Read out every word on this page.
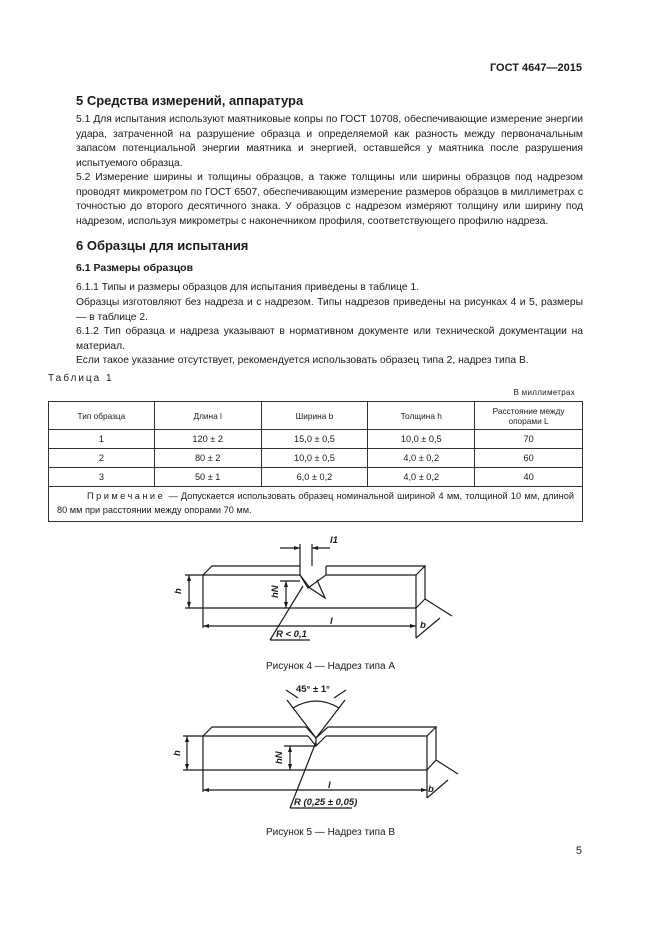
ГОСТ 4647—2015
5 Средства измерений, аппаратура
5.1 Для испытания используют маятниковые копры по ГОСТ 10708, обеспечивающие измерение энергии удара, затраченной на разрушение образца и определяемой как разность между первоначальным запасом потенциальной энергии маятника и энергией, оставшейся у маятника после разрушения испытуемого образца.
5.2 Измерение ширины и толщины образцов, а также толщины или ширины образцов под надрезом проводят микрометром по ГОСТ 6507, обеспечивающим измерение размеров образцов в миллиметрах с точностью до второго десятичного знака. У образцов с надрезом измеряют толщину или ширину под надрезом, используя микрометры с наконечником профиля, соответствующего профилю надреза.
6 Образцы для испытания
6.1 Размеры образцов
6.1.1 Типы и размеры образцов для испытания приведены в таблице 1.
Образцы изготовляют без надреза и с надрезом. Типы надрезов приведены на рисунках 4 и 5, размеры — в таблице 2.
6.1.2 Тип образца и надреза указывают в нормативном документе или технической документации на материал.
Если такое указание отсутствует, рекомендуется использовать образец типа 2, надрез типа B.
Таблица 1
В миллиметрах
Тип образца	Длина l	Ширина b	Толщина h	Расстояние между опорами L
1	120 ± 2	15,0 ± 0,5	10,0 ± 0,5	70
2	80 ± 2	10,0 ± 0,5	4,0 ± 0,2	60
3	50 ± 1	6,0 ± 0,2	4,0 ± 0,2	40
Примечание — Допускается использовать образец номинальной шириной 4 мм, толщиной 10 мм, длиной 80 мм при расстоянии между опорами 70 мм.				
h	hN
l1
l	b
R < 0,1
Рисунок 4 — Надрез типа A
h	hN
45° ± 1°
l	b
R (0,25 ± 0,05)
Рисунок 5 — Надрез типа B
5
